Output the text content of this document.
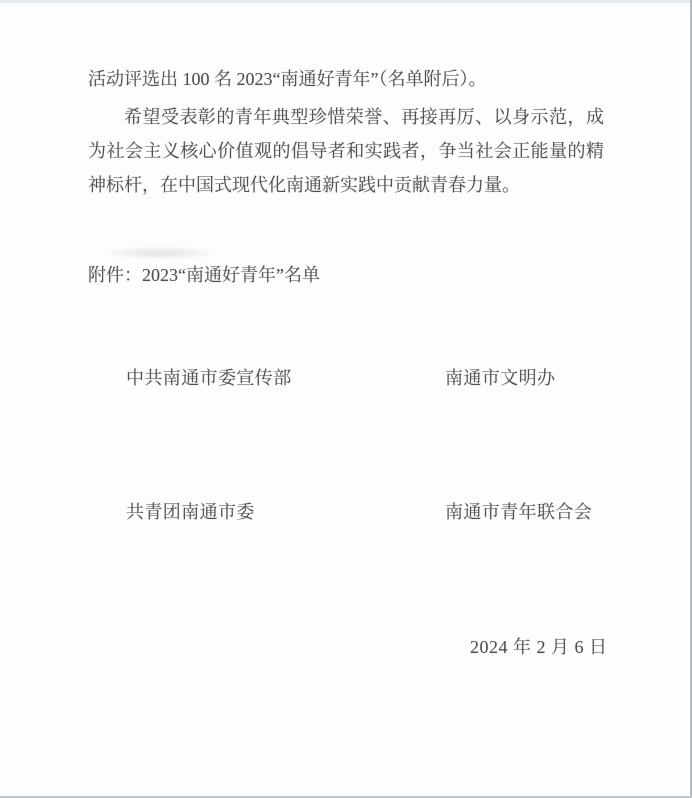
活动评选出 100 名 2023“南通好青年”（名单附后）。

希望受表彰的青年典型珍惜荣誉、再接再厉、以身示范，成为社会主义核心价值观的倡导者和实践者，争当社会正能量的精神标杆，在中国式现代化南通新实践中贡献青春力量。

附件：2023“南通好青年”名单

中共南通市委宣传部	南通市文明办
共青团南通市委	南通市青年联合会

2024 年 2 月 6 日
